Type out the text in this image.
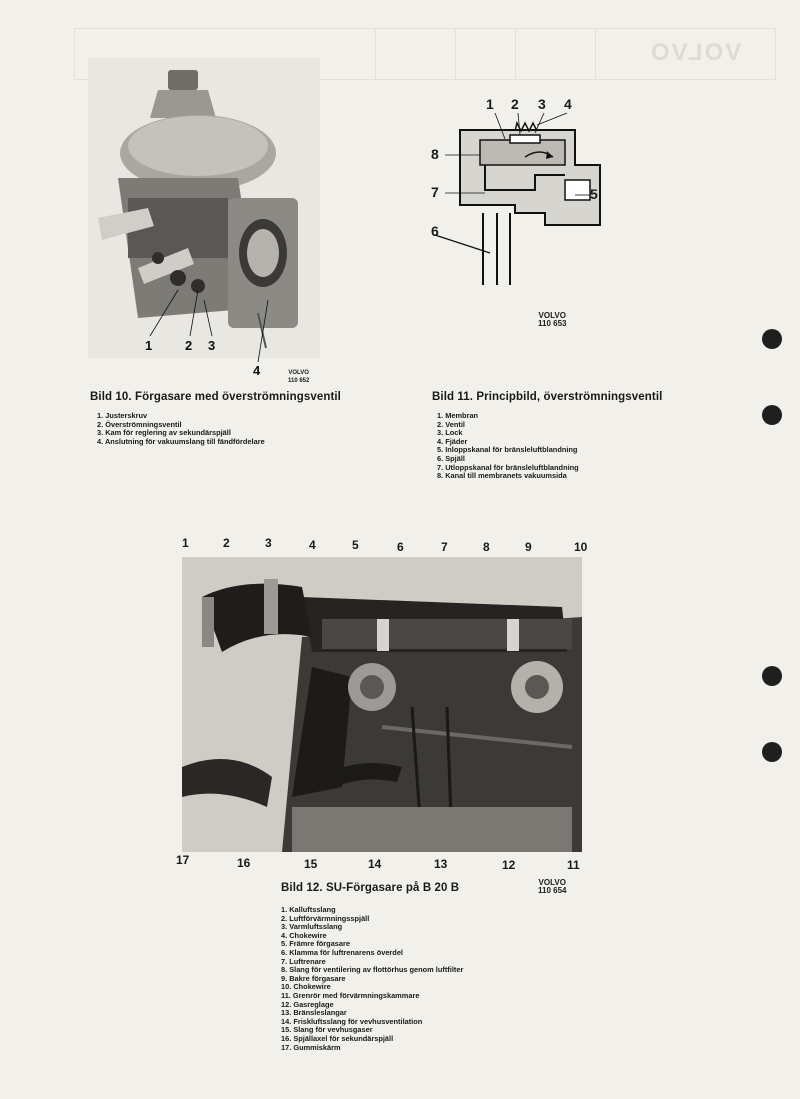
VOLVO
1	2 3
4	VOLVO
110 652
Bild 10. Förgasare med överströmningsventil
1. Justerskruv
2. Överströmningsventil
3. Kam för reglering av sekundärspjäll
4. Anslutning för vakuumslang till fändfördelare
1 2 3 4
5
6
7
8
VOLVO
110 653
Bild 11. Principbild, överströmningsventil
1. Membran
2. Ventil
3. Lock
4. Fjäder
5. Inloppskanal för bränsleluftblandning
6. Spjäll
7. Utloppskanal för bränsleluftblandning
8. Kanal till membranets vakuumsida
1	2	3	4	5	6	7	8	9	10
17	16	15	14	13	12	11
Bild 12. SU-Förgasare på B 20 B	VOLVO
110 654
1. Kalluftsslang
2. Luftförvärmningsspjäll
3. Varmluftsslang
4. Chokewire
5. Främre förgasare
6. Klamma för luftrenarens överdel
7. Luftrenare
8. Slang för ventilering av flottörhus genom luftfilter
9. Bakre förgasare
10. Chokewire
11. Grenrör med förvärmningskammare
12. Gasreglage
13. Bränsleslangar
14. Friskluftsslang för vevhusventilation
15. Slang för vevhusgaser
16. Spjällaxel för sekundärspjäll
17. Gummiskärm
